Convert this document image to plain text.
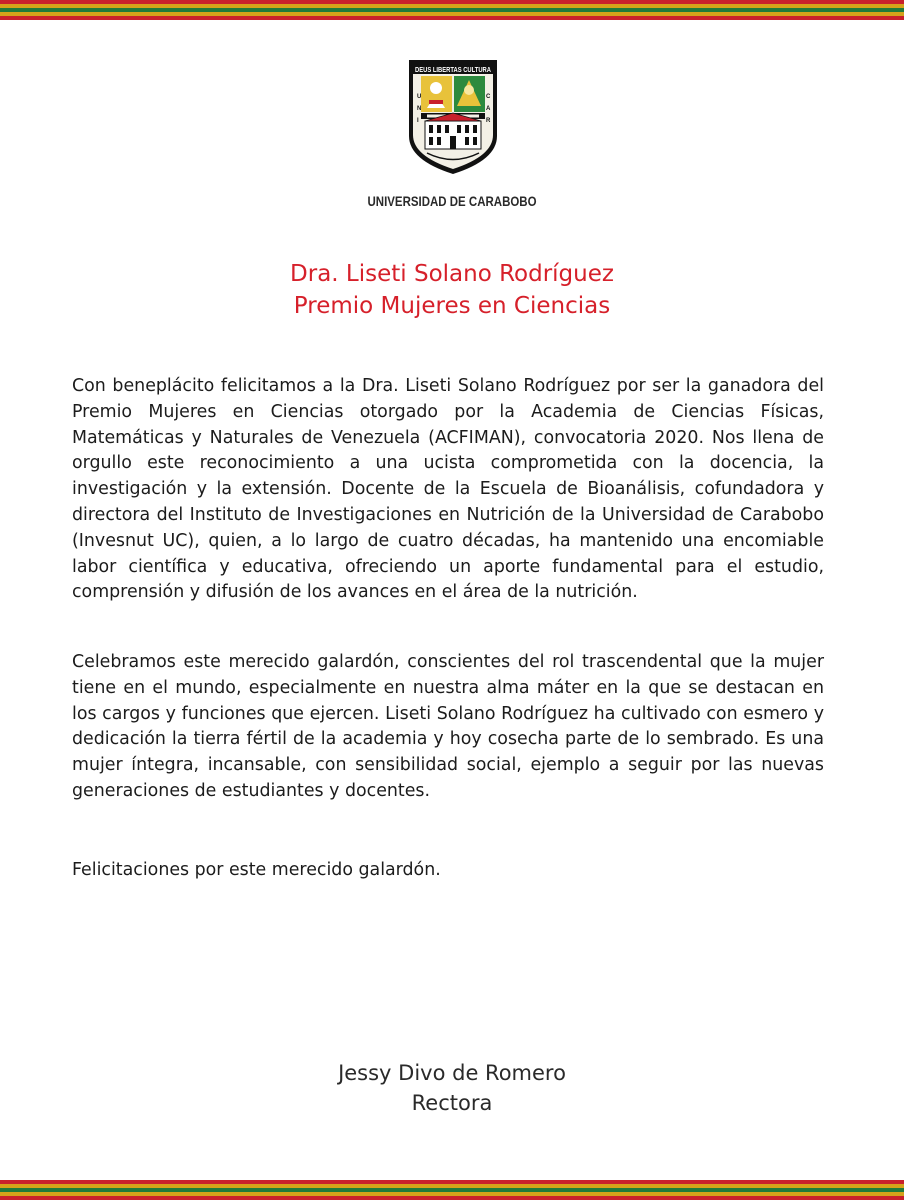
DEUS LIBERTAS CULTURA
U
N
I
C
A
R
UNIVERSIDAD DE CARABOBO
Dra. Liseti Solano Rodríguez
Premio Mujeres en Ciencias

Con beneplácito felicitamos a la Dra. Liseti Solano Rodríguez por ser la ganadora del Premio Mujeres en Ciencias otorgado por la Academia de Ciencias Físicas, Matemáticas y Naturales de Venezuela (ACFIMAN), convocatoria 2020. Nos llena de orgullo este reconocimiento a una ucista comprometida con la docencia, la investigación y la extensión. Docente de la Escuela de Bioanálisis, cofundadora y directora del Instituto de Investigaciones en Nutrición de la Universidad de Carabobo (Invesnut UC), quien, a lo largo de cuatro décadas, ha mantenido una encomiable labor científica y educativa, ofreciendo un aporte fundamental para el estudio, comprensión y difusión de los avances en el área de la nutrición.

Celebramos este merecido galardón, conscientes del rol trascendental que la mujer tiene en el mundo, especialmente en nuestra alma máter en la que se destacan en los cargos y funciones que ejercen. Liseti Solano Rodríguez ha cultivado con esmero y dedicación la tierra fértil de la academia y hoy cosecha parte de lo sembrado. Es una mujer íntegra, incansable, con sensibilidad social, ejemplo a seguir por las nuevas generaciones de estudiantes y docentes.

Felicitaciones por este merecido galardón.

Jessy Divo de Romero
Rectora
